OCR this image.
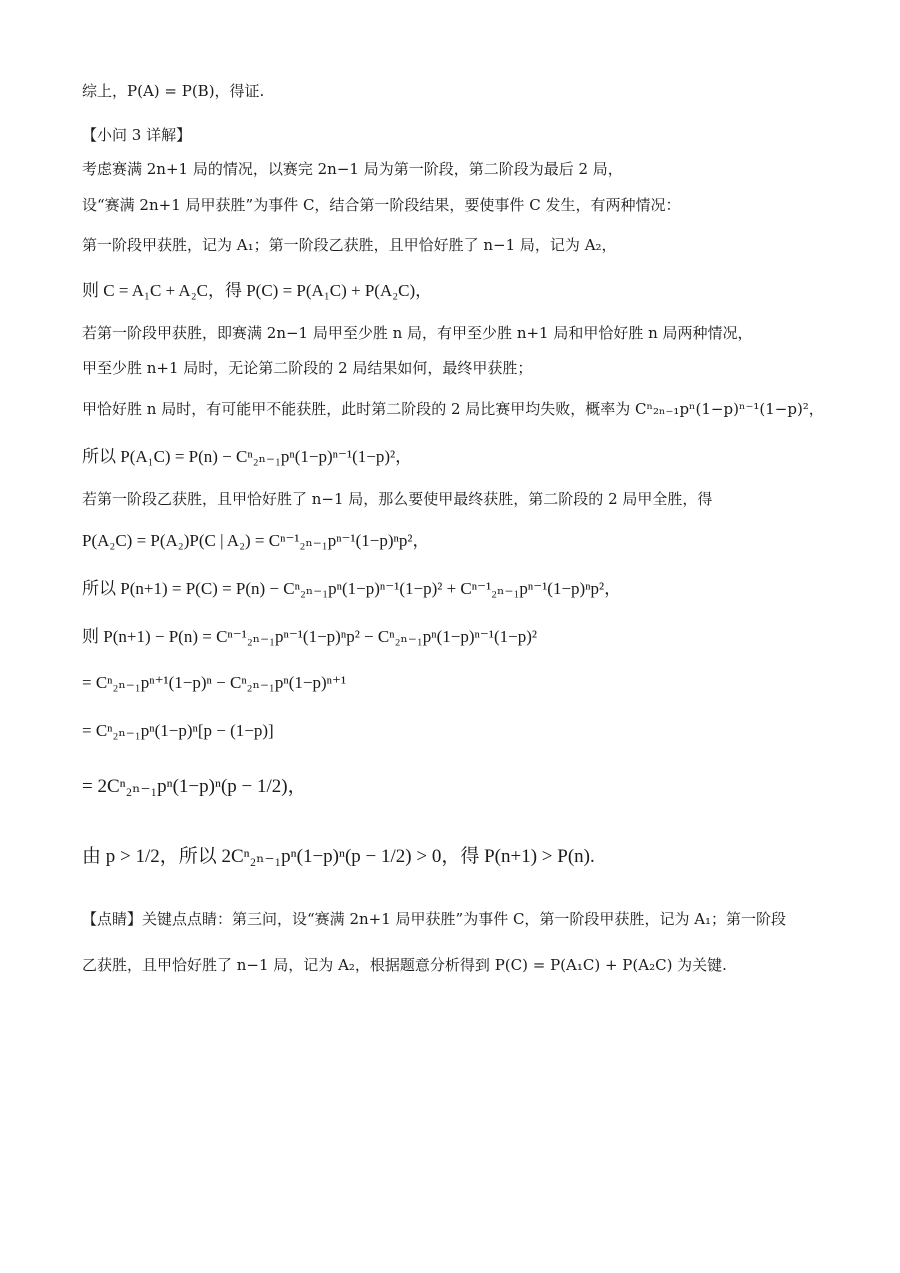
综上，P(A) = P(B)，得证.
【小问 3 详解】
考虑赛满 2n+1 局的情况，以赛完 2n−1 局为第一阶段，第二阶段为最后 2 局，
设“赛满 2n+1 局甲获胜”为事件 C，结合第一阶段结果，要使事件 C 发生，有两种情况：
第一阶段甲获胜，记为 A₁；第一阶段乙获胜，且甲恰好胜了 n−1 局，记为 A₂，
则 C = A₁C + A₂C，得 P(C) = P(A₁C) + P(A₂C)，
若第一阶段甲获胜，即赛满 2n−1 局甲至少胜 n 局，有甲至少胜 n+1 局和甲恰好胜 n 局两种情况，
甲至少胜 n+1 局时，无论第二阶段的 2 局结果如何，最终甲获胜；
甲恰好胜 n 局时，有可能甲不能获胜，此时第二阶段的 2 局比赛甲均失败，概率为 Cⁿ₂ₙ₋₁pⁿ(1−p)ⁿ⁻¹(1−p)²，
所以 P(A₁C) = P(n) − Cⁿ₂ₙ₋₁pⁿ(1−p)ⁿ⁻¹(1−p)²，
若第一阶段乙获胜，且甲恰好胜了 n−1 局，那么要使甲最终获胜，第二阶段的 2 局甲全胜，得
P(A₂C) = P(A₂)P(C | A₂) = Cⁿ⁻¹₂ₙ₋₁pⁿ⁻¹(1−p)ⁿp²，
所以 P(n+1) = P(C) = P(n) − Cⁿ₂ₙ₋₁pⁿ(1−p)ⁿ⁻¹(1−p)² + Cⁿ⁻¹₂ₙ₋₁pⁿ⁻¹(1−p)ⁿp²，
则 P(n+1) − P(n) = Cⁿ⁻¹₂ₙ₋₁pⁿ⁻¹(1−p)ⁿp² − Cⁿ₂ₙ₋₁pⁿ(1−p)ⁿ⁻¹(1−p)²
= Cⁿ₂ₙ₋₁pⁿ⁺¹(1−p)ⁿ − Cⁿ₂ₙ₋₁pⁿ(1−p)ⁿ⁺¹
= Cⁿ₂ₙ₋₁pⁿ(1−p)ⁿ[p − (1−p)]
= 2Cⁿ₂ₙ₋₁pⁿ(1−p)ⁿ(p − 1/2)，
由 p > 1/2，所以 2Cⁿ₂ₙ₋₁pⁿ(1−p)ⁿ(p − 1/2) > 0，得 P(n+1) > P(n).
【点睛】关键点点睛：第三问，设“赛满 2n+1 局甲获胜”为事件 C，第一阶段甲获胜，记为 A₁；第一阶段
乙获胜，且甲恰好胜了 n−1 局，记为 A₂，根据题意分析得到 P(C) = P(A₁C) + P(A₂C) 为关键.
